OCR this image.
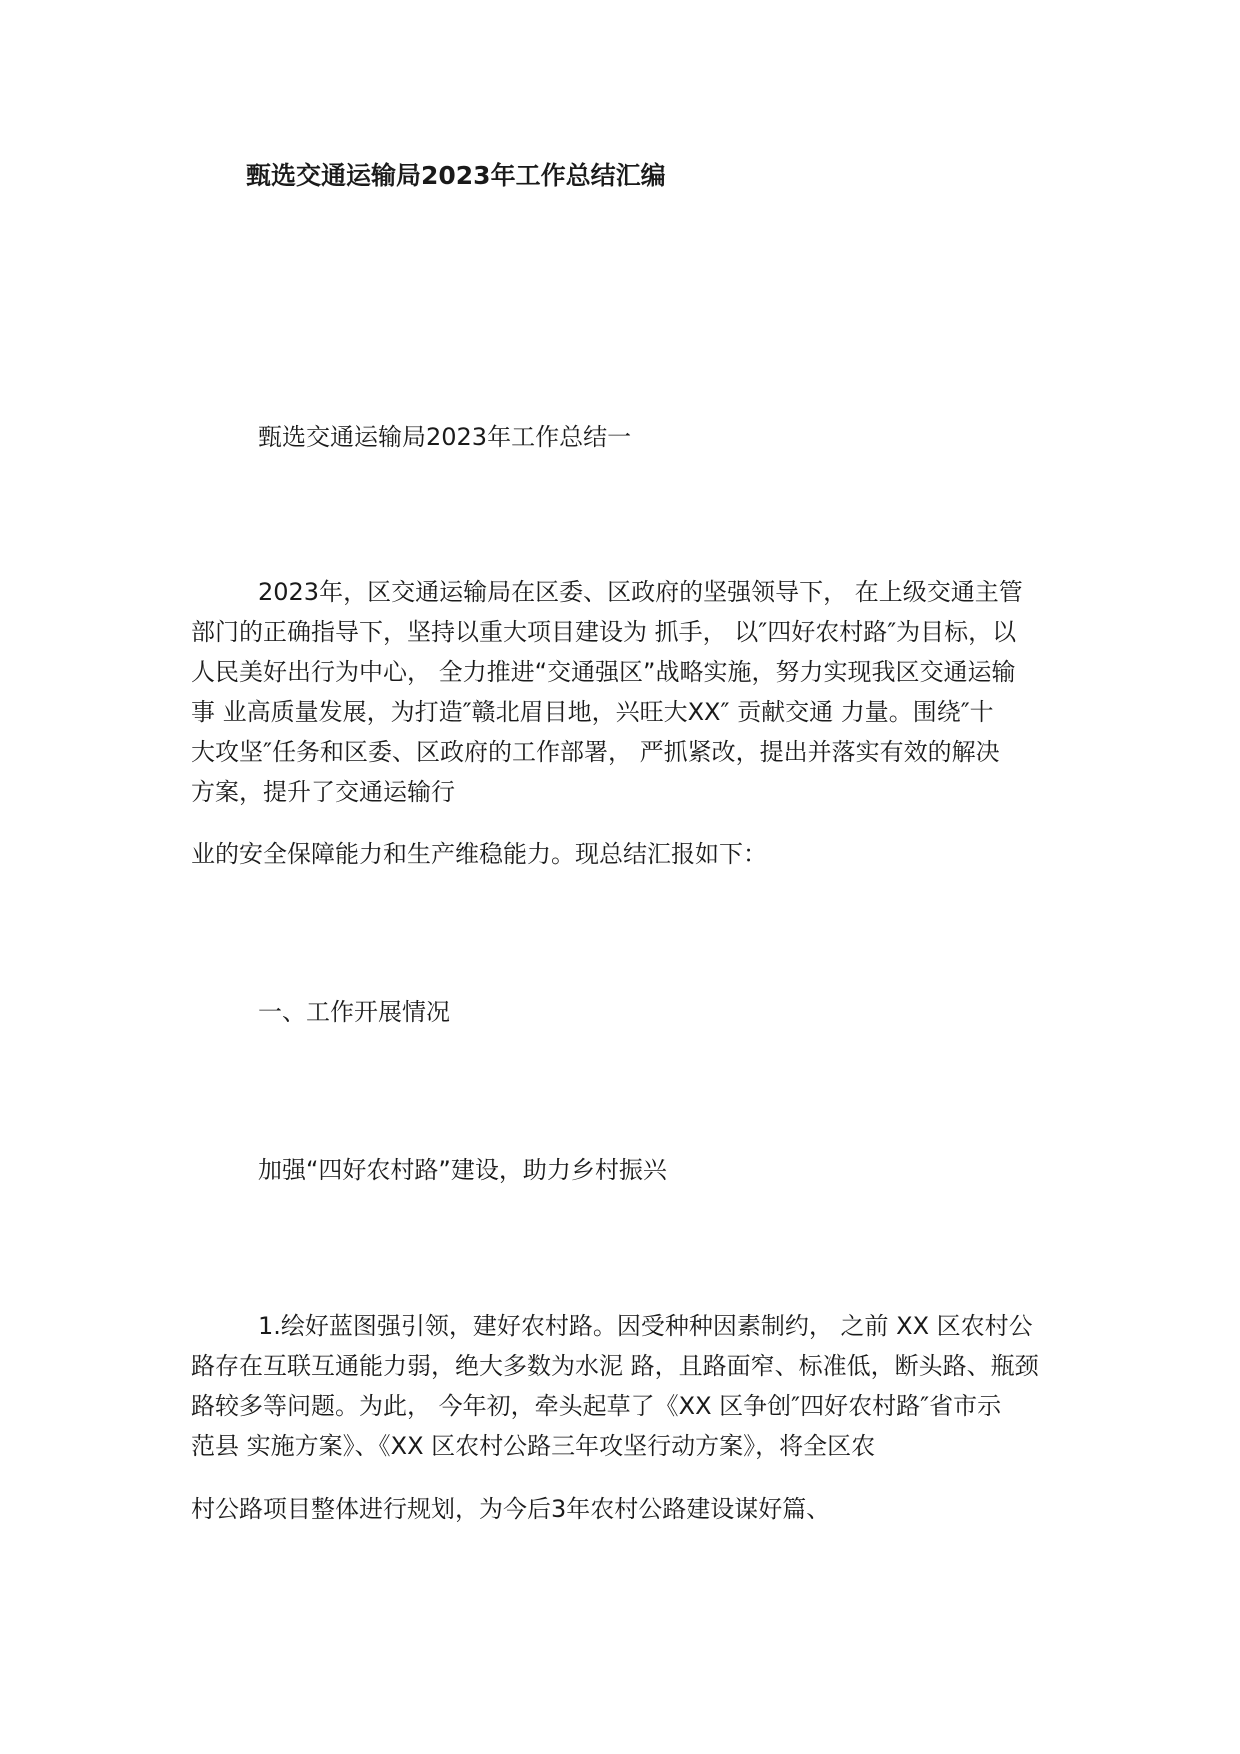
甄选交通运输局2023年工作总结汇编
甄选交通运输局2023年工作总结一
2023年，区交通运输局在区委、区政府的坚强领导下， 在上级交通主管
部门的正确指导下，坚持以重大项目建设为 抓手， 以″四好农村路″为目标，以
人民美好出行为中心， 全力推进“交通强区”战略实施，努力实现我区交通运输
事 业高质量发展，为打造″赣北眉目地，兴旺大XX″ 贡献交通 力量。围绕″十
大攻坚″任务和区委、区政府的工作部署， 严抓紧改，提出并落实有效的解决
方案，提升了交通运输行
业的安全保障能力和生产维稳能力。现总结汇报如下：
一、工作开展情况
加强“四好农村路”建设，助力乡村振兴
1.绘好蓝图强引领，建好农村路。因受种种因素制约， 之前 XX 区农村公
路存在互联互通能力弱，绝大多数为水泥 路，且路面窄、标准低，断头路、瓶颈
路较多等问题。为此， 今年初，牵头起草了《XX 区争创″四好农村路″省市示
范县 实施方案》、《XX 区农村公路三年攻坚行动方案》，将全区农
村公路项目整体进行规划，为今后3年农村公路建设谋好篇、
